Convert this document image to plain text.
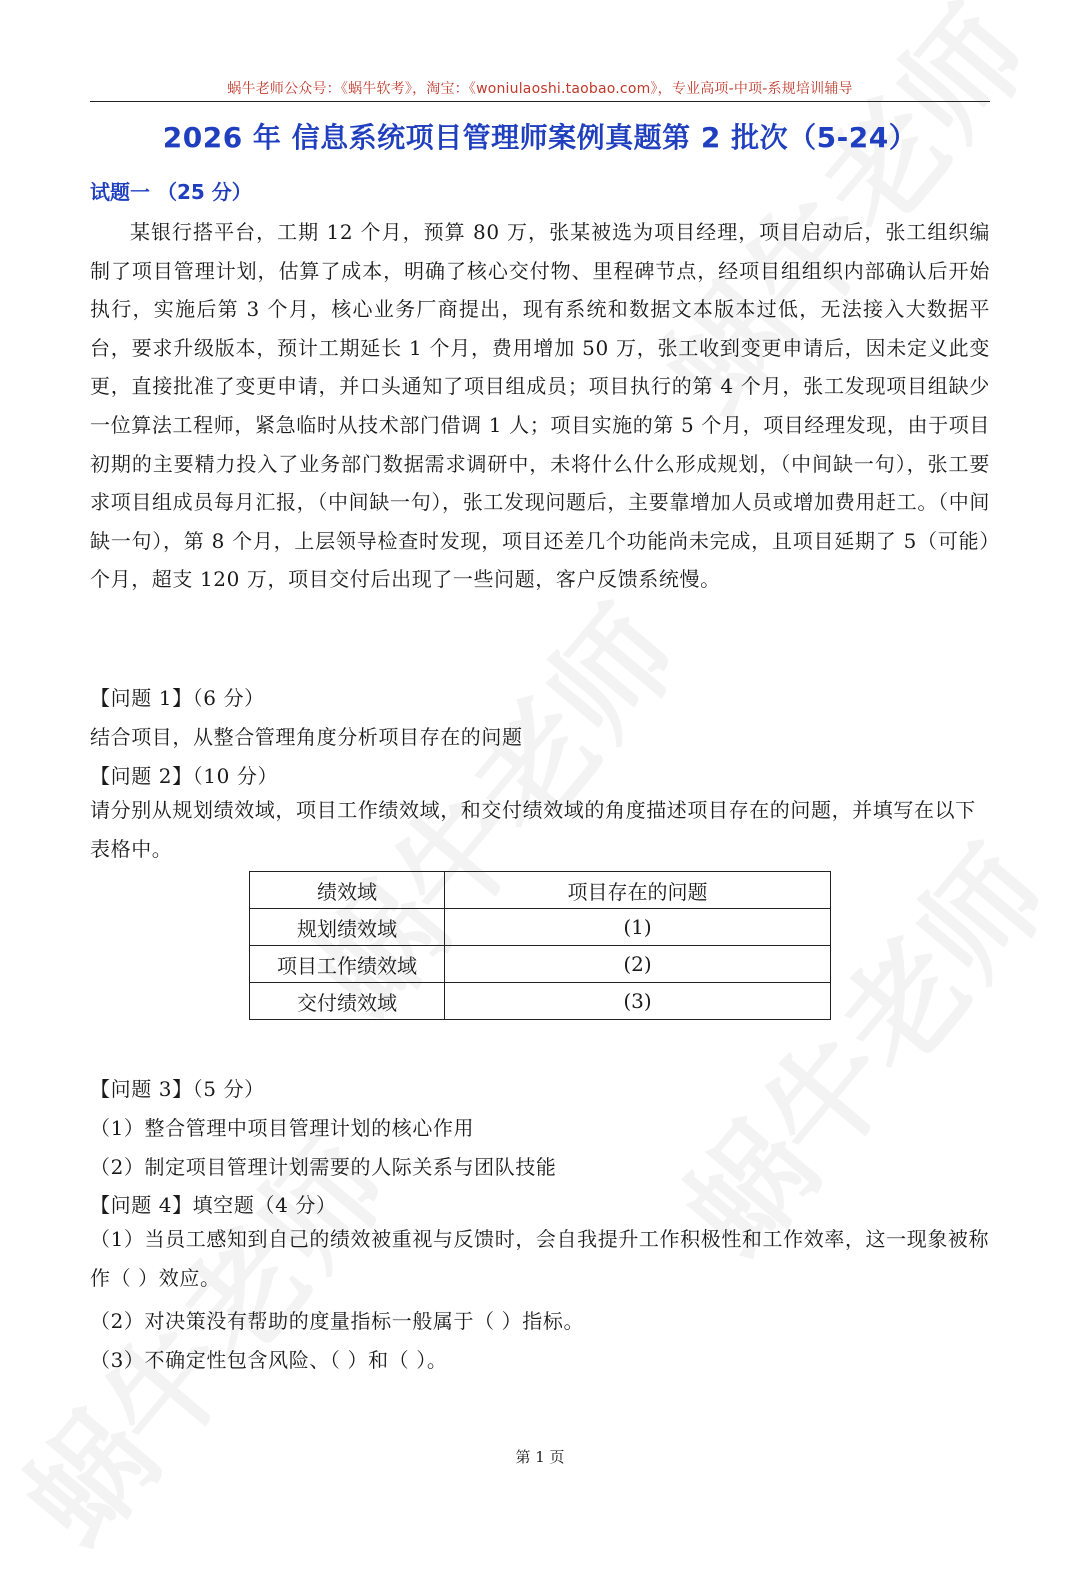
蜗牛老师公众号：《蜗牛软考》，淘宝：《woniulaoshi.taobao.com》，专业高项-中项-系规培训辅导
2026 年 信息系统项目管理师案例真题第 2 批次（5-24）
试题一 （25 分）
某银行搭平台，工期 12 个月，预算 80 万，张某被选为项目经理，项目启动后，张工组织编制了项目管理计划，估算了成本，明确了核心交付物、里程碑节点，经项目组组织内部确认后开始执行，实施后第 3 个月，核心业务厂商提出，现有系统和数据文本版本过低，无法接入大数据平台，要求升级版本，预计工期延长 1 个月，费用增加 50 万，张工收到变更申请后，因未定义此变更，直接批准了变更申请，并口头通知了项目组成员；项目执行的第 4 个月，张工发现项目组缺少一位算法工程师，紧急临时从技术部门借调 1 人；项目实施的第 5 个月，项目经理发现，由于项目初期的主要精力投入了业务部门数据需求调研中，未将什么什么形成规划，（中间缺一句），张工要求项目组成员每月汇报，（中间缺一句），张工发现问题后，主要靠增加人员或增加费用赶工。（中间缺一句），第 8 个月，上层领导检查时发现，项目还差几个功能尚未完成，且项目延期了 5（可能）个月，超支 120 万，项目交付后出现了一些问题，客户反馈系统慢。
【问题 1】（6 分）
结合项目，从整合管理角度分析项目存在的问题
【问题 2】（10 分）
请分别从规划绩效域，项目工作绩效域，和交付绩效域的角度描述项目存在的问题，并填写在以下表格中。
绩效域	项目存在的问题
规划绩效域	(1)
项目工作绩效域	(2)
交付绩效域	(3)
【问题 3】（5 分）
（1）整合管理中项目管理计划的核心作用
（2）制定项目管理计划需要的人际关系与团队技能
【问题 4】填空题（4 分）
（1）当员工感知到自己的绩效被重视与反馈时，会自我提升工作积极性和工作效率，这一现象被称作（ ）效应。
（2）对决策没有帮助的度量指标一般属于（ ）指标。
（3）不确定性包含风险、（ ）和（ ）。
第 1 页
